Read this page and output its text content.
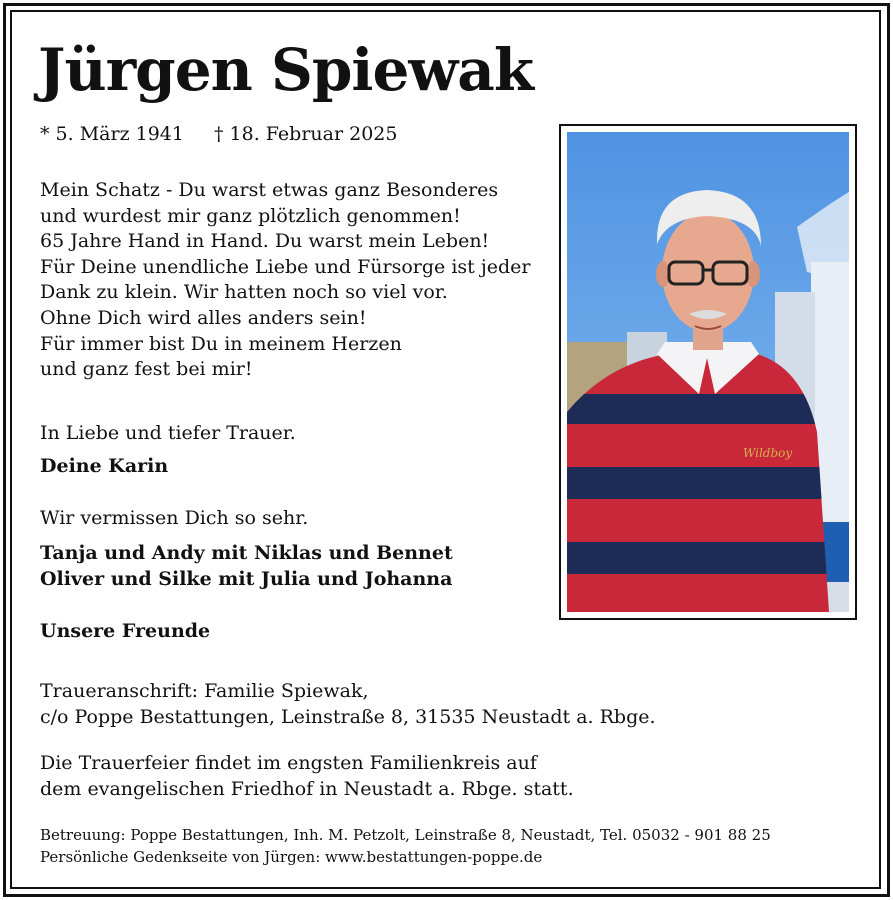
Jürgen Spiewak
* 5. März 1941 † 18. Februar 2025
Mein Schatz - Du warst etwas ganz Besonderes
und wurdest mir ganz plötzlich genommen!
65 Jahre Hand in Hand. Du warst mein Leben!
Für Deine unendliche Liebe und Fürsorge ist jeder
Dank zu klein. Wir hatten noch so viel vor.
Ohne Dich wird alles anders sein!
Für immer bist Du in meinem Herzen
und ganz fest bei mir!
In Liebe und tiefer Trauer.
Deine Karin
Wir vermissen Dich so sehr.
Tanja und Andy mit Niklas und Bennet
Oliver und Silke mit Julia und Johanna
Unsere Freunde
Traueranschrift: Familie Spiewak,
c/o Poppe Bestattungen, Leinstraße 8, 31535 Neustadt a. Rbge.
Die Trauerfeier findet im engsten Familienkreis auf
dem evangelischen Friedhof in Neustadt a. Rbge. statt.
Wildboy
Betreuung: Poppe Bestattungen, Inh. M. Petzolt, Leinstraße 8, Neustadt, Tel. 05032 - 901 88 25
Persönliche Gedenkseite von Jürgen: www.bestattungen-poppe.de
